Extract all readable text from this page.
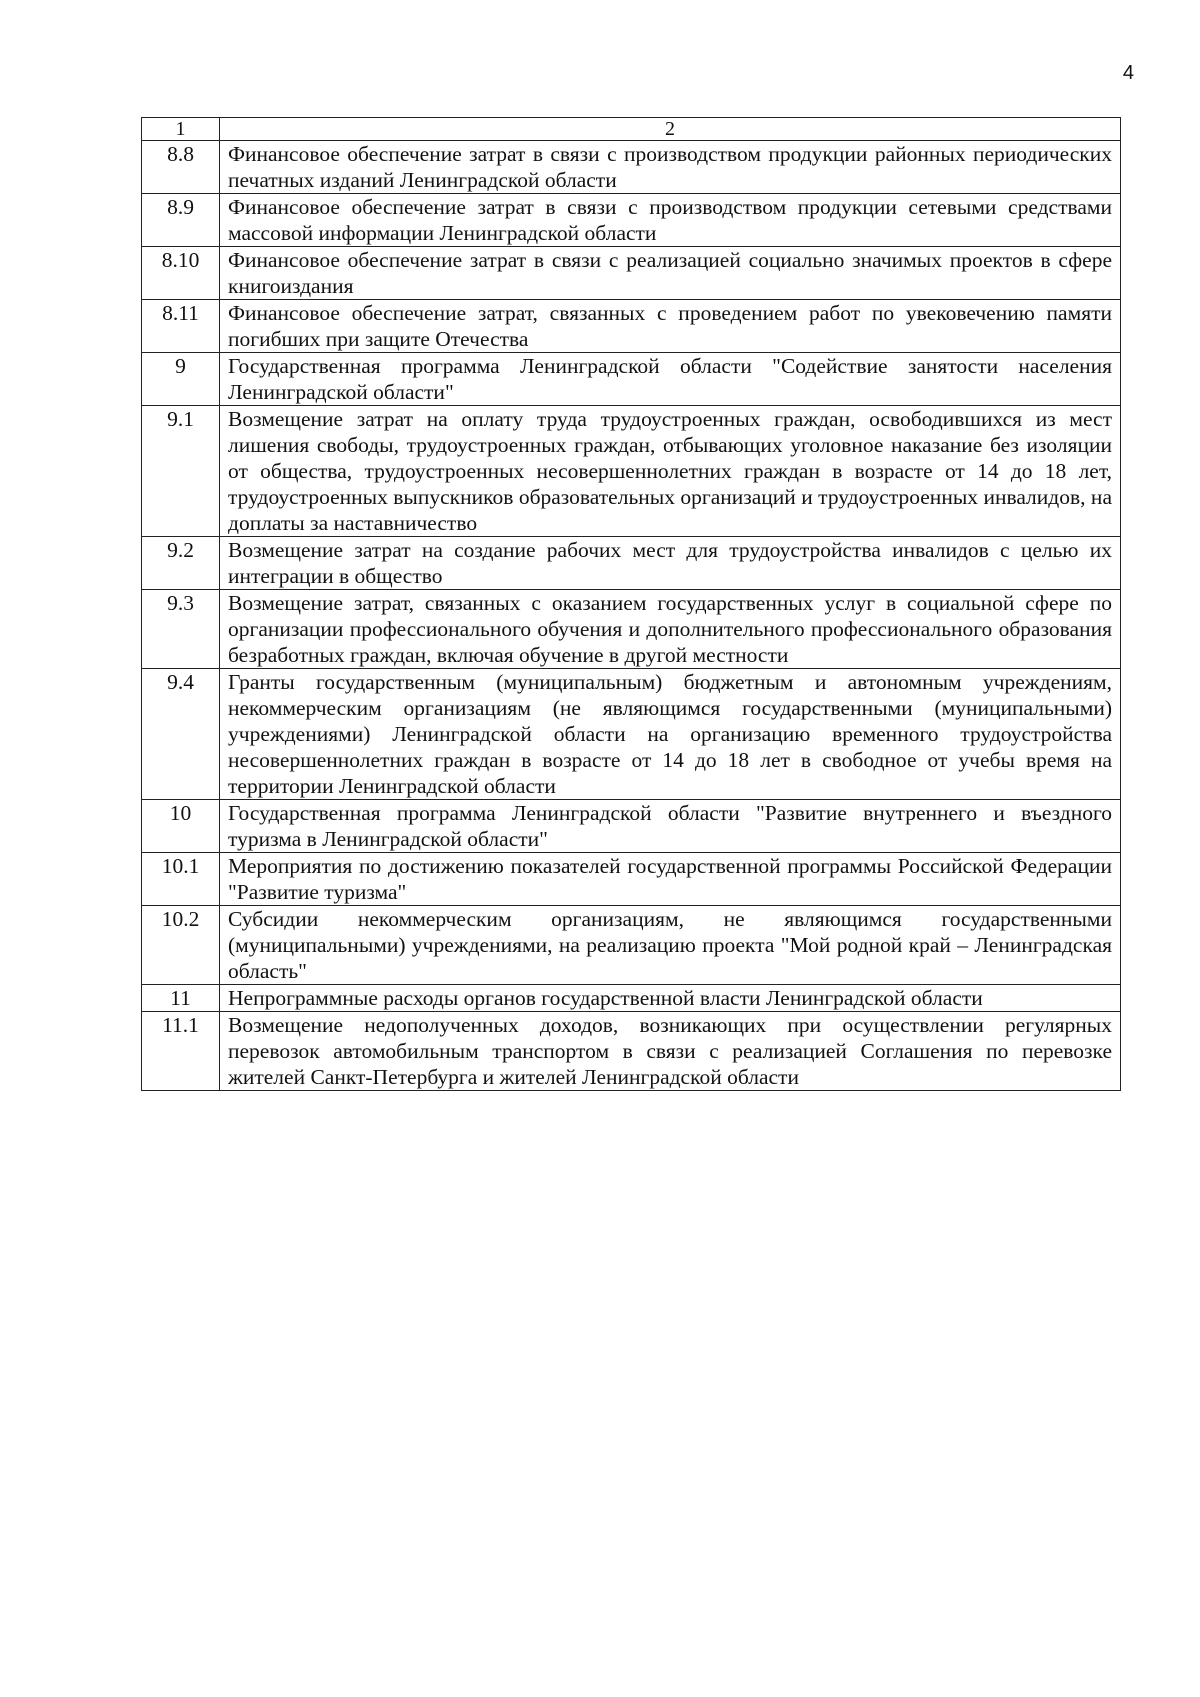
4
1	2
8.8	Финансовое обеспечение затрат в связи с производством продукции районных периодических печатных изданий Ленинградской области
8.9	Финансовое обеспечение затрат в связи с производством продукции сетевыми средствами массовой информации Ленинградской области
8.10	Финансовое обеспечение затрат в связи с реализацией социально значимых проектов в сфере книгоиздания
8.11	Финансовое обеспечение затрат, связанных с проведением работ по увековечению памяти погибших при защите Отечества
9	Государственная программа Ленинградской области "Содействие занятости населения Ленинградской области"
9.1	Возмещение затрат на оплату труда трудоустроенных граждан, освободившихся из мест лишения свободы, трудоустроенных граждан, отбывающих уголовное наказание без изоляции от общества, трудоустроенных несовершеннолетних граждан в возрасте от 14 до 18 лет, трудоустроенных выпускников образовательных организаций и трудоустроенных инвалидов, на доплаты за наставничество
9.2	Возмещение затрат на создание рабочих мест для трудоустройства инвалидов с целью их интеграции в общество
9.3	Возмещение затрат, связанных с оказанием государственных услуг в социальной сфере по организации профессионального обучения и дополнительного профессионального образования безработных граждан, включая обучение в другой местности
9.4	Гранты государственным (муниципальным) бюджетным и автономным учреждениям, некоммерческим организациям (не являющимся государственными (муниципальными) учреждениями) Ленинградской области на организацию временного трудоустройства несовершеннолетних граждан в возрасте от 14 до 18 лет в свободное от учебы время на территории Ленинградской области
10	Государственная программа Ленинградской области "Развитие внутреннего и въездного туризма в Ленинградской области"
10.1	Мероприятия по достижению показателей государственной программы Российской Федерации "Развитие туризма"
10.2	Субсидии некоммерческим организациям, не являющимся государственными (муниципальными) учреждениями, на реализацию проекта "Мой родной край – Ленинградская область"
11	Непрограммные расходы органов государственной власти Ленинградской области
11.1	Возмещение недополученных доходов, возникающих при осуществлении регулярных перевозок автомобильным транспортом в связи с реализацией Соглашения по перевозке жителей Санкт-Петербурга и жителей Ленинградской области
